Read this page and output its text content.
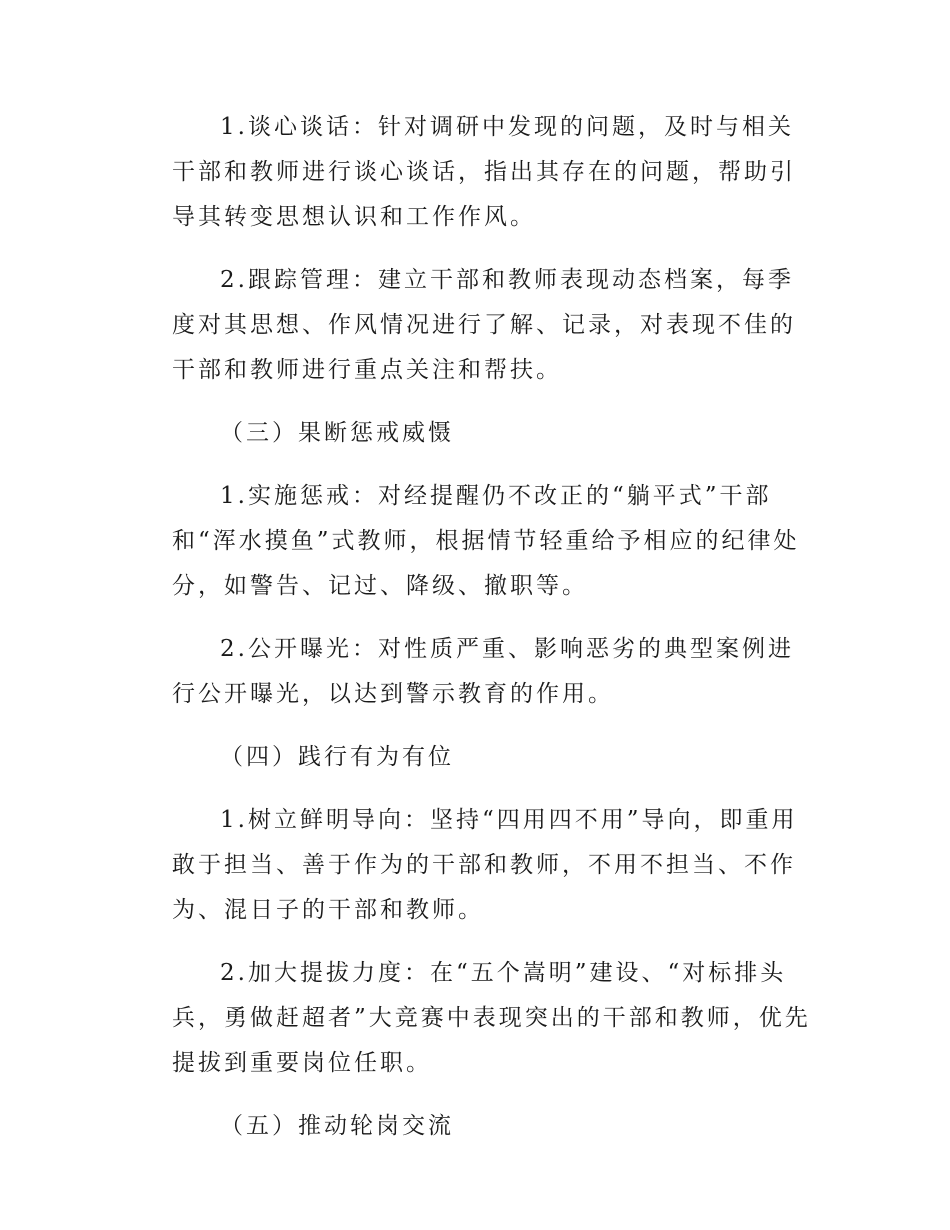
1.谈心谈话：针对调研中发现的问题，及时与相关干部和教师进行谈心谈话，指出其存在的问题，帮助引导其转变思想认识和工作作风。

2.跟踪管理：建立干部和教师表现动态档案，每季度对其思想、作风情况进行了解、记录，对表现不佳的干部和教师进行重点关注和帮扶。

（三）果断惩戒威慑

1.实施惩戒：对经提醒仍不改正的“躺平式”干部和“浑水摸鱼”式教师，根据情节轻重给予相应的纪律处分，如警告、记过、降级、撤职等。

2.公开曝光：对性质严重、影响恶劣的典型案例进行公开曝光，以达到警示教育的作用。

（四）践行有为有位

1.树立鲜明导向：坚持“四用四不用”导向，即重用敢于担当、善于作为的干部和教师，不用不担当、不作为、混日子的干部和教师。

2.加大提拔力度：在“五个嵩明”建设、“对标排头兵，勇做赶超者”大竞赛中表现突出的干部和教师，优先提拔到重要岗位任职。

（五）推动轮岗交流
